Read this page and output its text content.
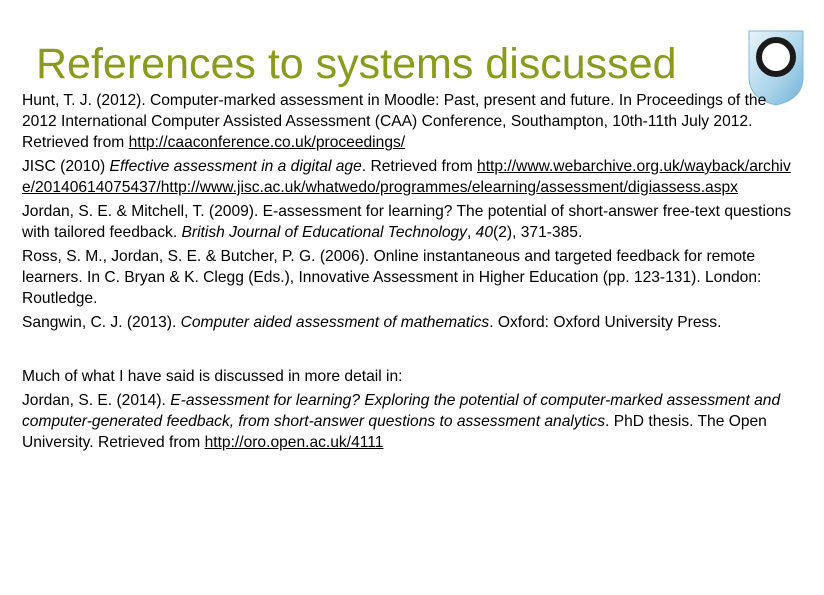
References to systems discussed

Hunt, T. J. (2012). Computer-marked assessment in Moodle: Past, present and future. In Proceedings of the 2012 International Computer Assisted Assessment (CAA) Conference, Southampton, 10th-11th July 2012. Retrieved from http://caaconference.co.uk/proceedings/

JISC (2010) Effective assessment in a digital age. Retrieved from http://www.webarchive.org.uk/wayback/archive/20140614075437/http://www.jisc.ac.uk/whatwedo/programmes/elearning/assessment/digiassess.aspx

Jordan, S. E. & Mitchell, T. (2009). E-assessment for learning? The potential of short-answer free-text questions with tailored feedback. British Journal of Educational Technology, 40(2), 371-385.

Ross, S. M., Jordan, S. E. & Butcher, P. G. (2006). Online instantaneous and targeted feedback for remote learners. In C. Bryan & K. Clegg (Eds.), Innovative Assessment in Higher Education (pp. 123-131). London: Routledge.

Sangwin, C. J. (2013). Computer aided assessment of mathematics. Oxford: Oxford University Press.

Much of what I have said is discussed in more detail in:

Jordan, S. E. (2014). E-assessment for learning? Exploring the potential of computer-marked assessment and computer-generated feedback, from short-answer questions to assessment analytics. PhD thesis. The Open University. Retrieved from http://oro.open.ac.uk/4111
